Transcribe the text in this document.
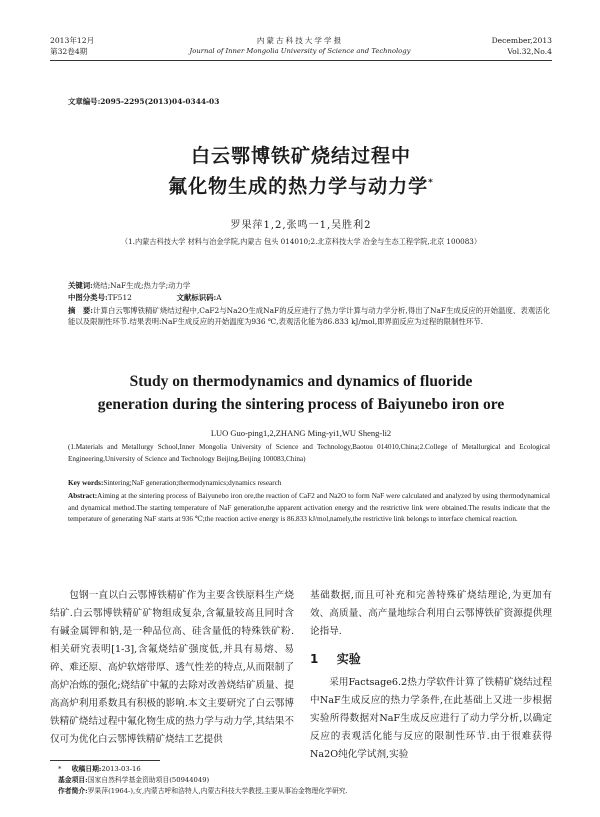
2013年12月
第32卷4期
内蒙古科技大学学报
Journal of Inner Mongolia University of Science and Technology
December,2013
Vol.32,No.4
文章编号:2095-2295(2013)04-0344-03
白云鄂博铁矿烧结过程中
氟化物生成的热力学与动力学*
罗果萍1,2,张鸣一1,吴胜利2
（1.内蒙古科技大学 材料与冶金学院,内蒙古 包头 014010;2.北京科技大学 冶金与生态工程学院,北京 100083）
关键词:烧结;NaF生成;热力学;动力学
中图分类号:TF512	文献标识码:A
摘　要:计算白云鄂博铁精矿烧结过程中,CaF2与Na2O生成NaF的反应进行了热力学计算与动力学分析,得出了NaF生成反应的开始温度、表观活化能以及限制性环节.结果表明:NaF生成反应的开始温度为936 ℃,表观活化能为86.833 kJ/mol,即界面反应为过程的限制性环节.
Study on thermodynamics and dynamics of fluoride
generation during the sintering process of Baiyunebo iron ore
LUO Guo-ping1,2,ZHANG Ming-yi1,WU Sheng-li2
(1.Materials and Metallurgy School,Inner Mongolia University of Science and Technology,Baotou 014010,China;2.College of Metallurgical and Ecological Engineering,University of Science and Technology Beijing,Beijing 100083,China)
Key words:Sintering;NaF generation;thermodynamics;dynamics research
Abstract:Aiming at the sintering process of Baiyunebo iron ore,the reaction of CaF2 and Na2O to form NaF were calculated and analyzed by using thermodynamical and dynamical method.The starting temperature of NaF generation,the apparent activation energy and the restrictive link were obtained.The results indicate that the temperature of generating NaF starts at 936 ℃;the reaction active energy is 86.833 kJ/mol,namely,the restrictive link belongs to interface chemical reaction.
包钢一直以白云鄂博铁精矿作为主要含铁原料生产烧结矿.白云鄂博铁精矿矿物组成复杂,含氟量较高且同时含有碱金属钾和钠,是一种品位高、硅含量低的特殊铁矿粉.相关研究表明[1-3],含氟烧结矿强度低,并具有易熔、易碎、难还原、高炉软熔带厚、透气性差的特点,从而限制了高炉冶炼的强化;烧结矿中氟的去除对改善烧结矿质量、提高高炉利用系数具有积极的影响.本文主要研究了白云鄂博铁精矿烧结过程中氟化物生成的热力学与动力学,其结果不仅可为优化白云鄂博铁精矿烧结工艺提供
基础数据,而且可补充和完善特殊矿烧结理论,为更加有效、高质量、高产量地综合利用白云鄂博铁矿资源提供理论指导.
1 实验
采用Factsage6.2热力学软件计算了铁精矿烧结过程中NaF生成反应的热力学条件,在此基础上又进一步根据实验所得数据对NaF生成反应进行了动力学分析,以确定反应的表观活化能与反应的限制性环节.由于很难获得Na2O纯化学试剂,实验
* 收稿日期:2013-03-16
基金项目:国家自然科学基金资助项目(50944049)
作者简介:罗果萍(1964-),女,内蒙古呼和浩特人,内蒙古科技大学教授,主要从事冶金物理化学研究.
